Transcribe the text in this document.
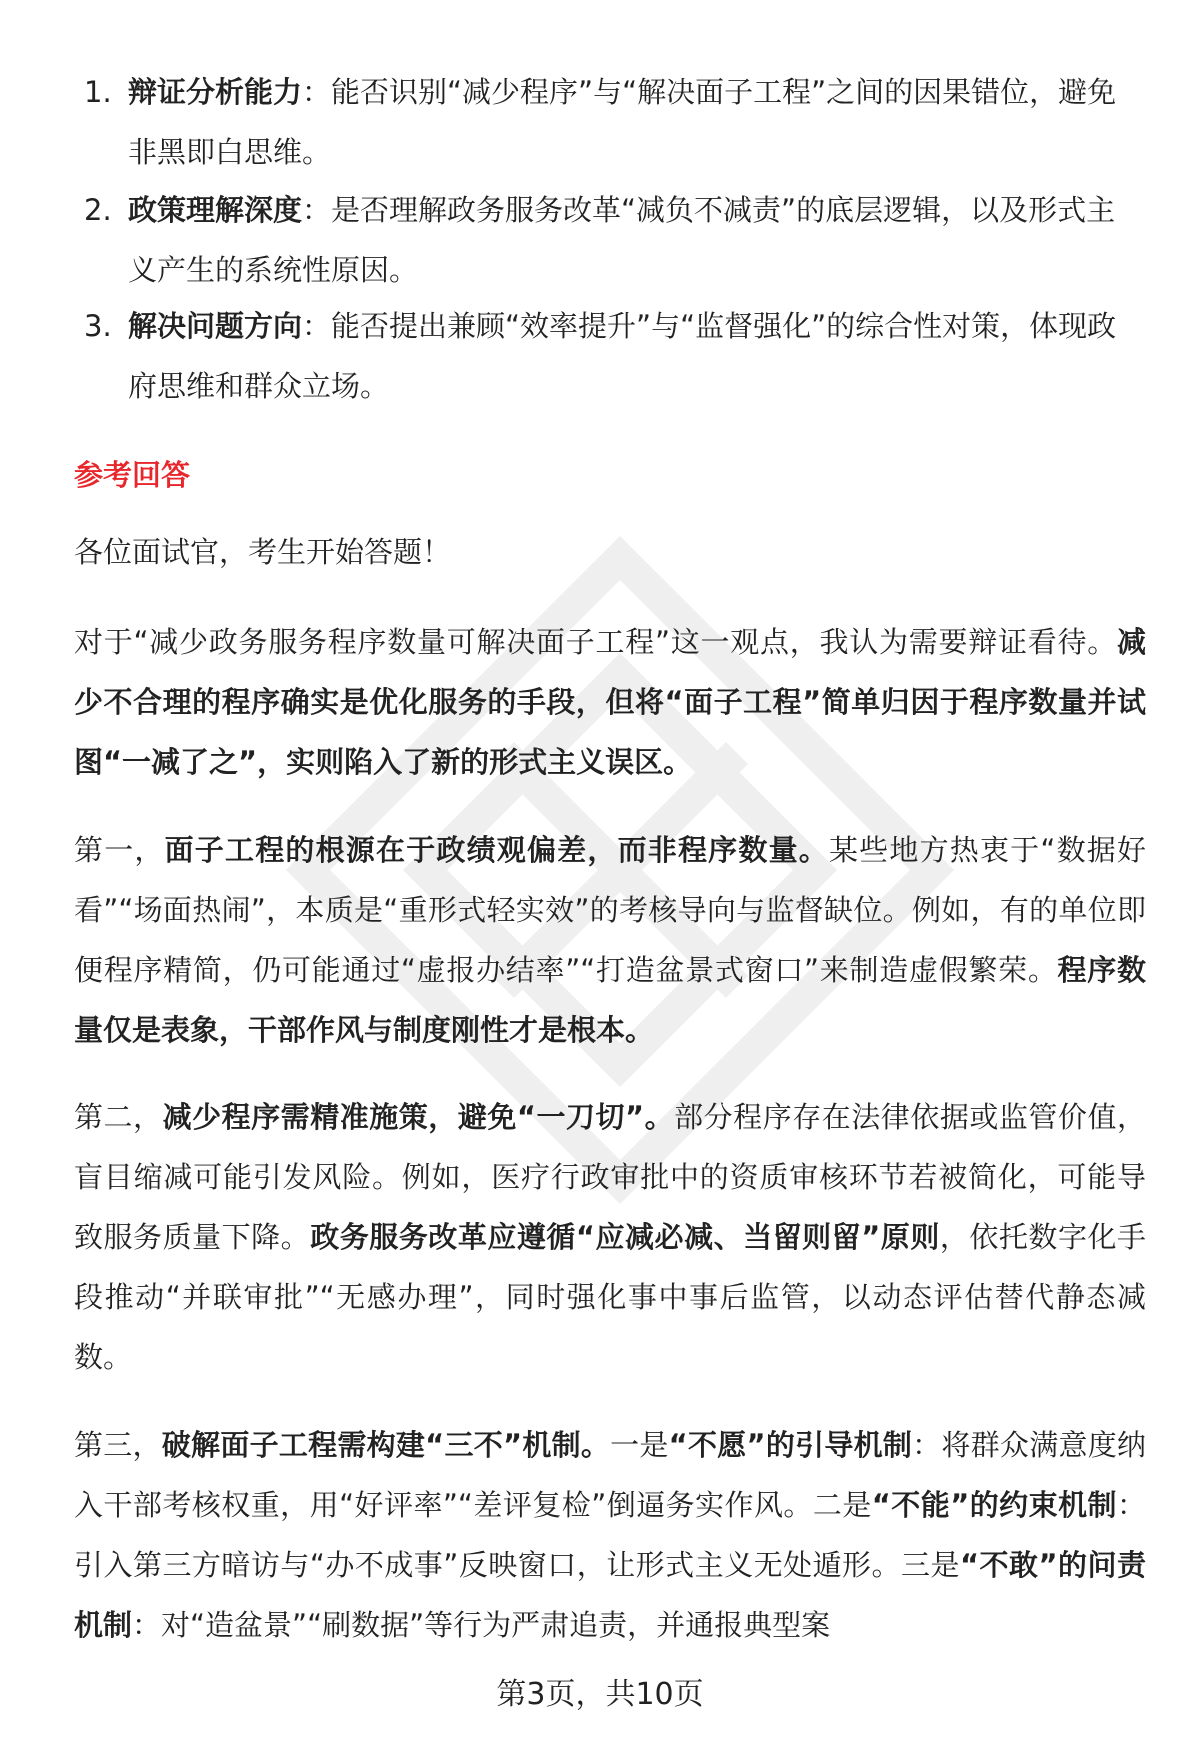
1. 辩证分析能力：能否识别“减少程序”与“解决面子工程”之间的因果错位，避免非黑即白思维。
2. 政策理解深度：是否理解政务服务改革“减负不减责”的底层逻辑，以及形式主义产生的系统性原因。
3. 解决问题方向：能否提出兼顾“效率提升”与“监督强化”的综合性对策，体现政府思维和群众立场。
参考回答
各位面试官，考生开始答题！
对于“减少政务服务程序数量可解决面子工程”这一观点，我认为需要辩证看待。减少不合理的程序确实是优化服务的手段，但将“面子工程”简单归因于程序数量并试图“一减了之”，实则陷入了新的形式主义误区。
第一，面子工程的根源在于政绩观偏差，而非程序数量。某些地方热衷于“数据好看”“场面热闹”，本质是“重形式轻实效”的考核导向与监督缺位。例如，有的单位即便程序精简，仍可能通过“虚报办结率”“打造盆景式窗口”来制造虚假繁荣。程序数量仅是表象，干部作风与制度刚性才是根本。
第二，减少程序需精准施策，避免“一刀切”。部分程序存在法律依据或监管价值，盲目缩减可能引发风险。例如，医疗行政审批中的资质审核环节若被简化，可能导致服务质量下降。政务服务改革应遵循“应减必减、当留则留”原则，依托数字化手段推动“并联审批”“无感办理”，同时强化事中事后监管，以动态评估替代静态减数。
第三，破解面子工程需构建“三不”机制。一是“不愿”的引导机制：将群众满意度纳入干部考核权重，用“好评率”“差评复检”倒逼务实作风。二是“不能”的约束机制：引入第三方暗访与“办不成事”反映窗口，让形式主义无处遁形。三是“不敢”的问责机制：对“造盆景”“刷数据”等行为严肃追责，并通报典型案
第3页，共10页
